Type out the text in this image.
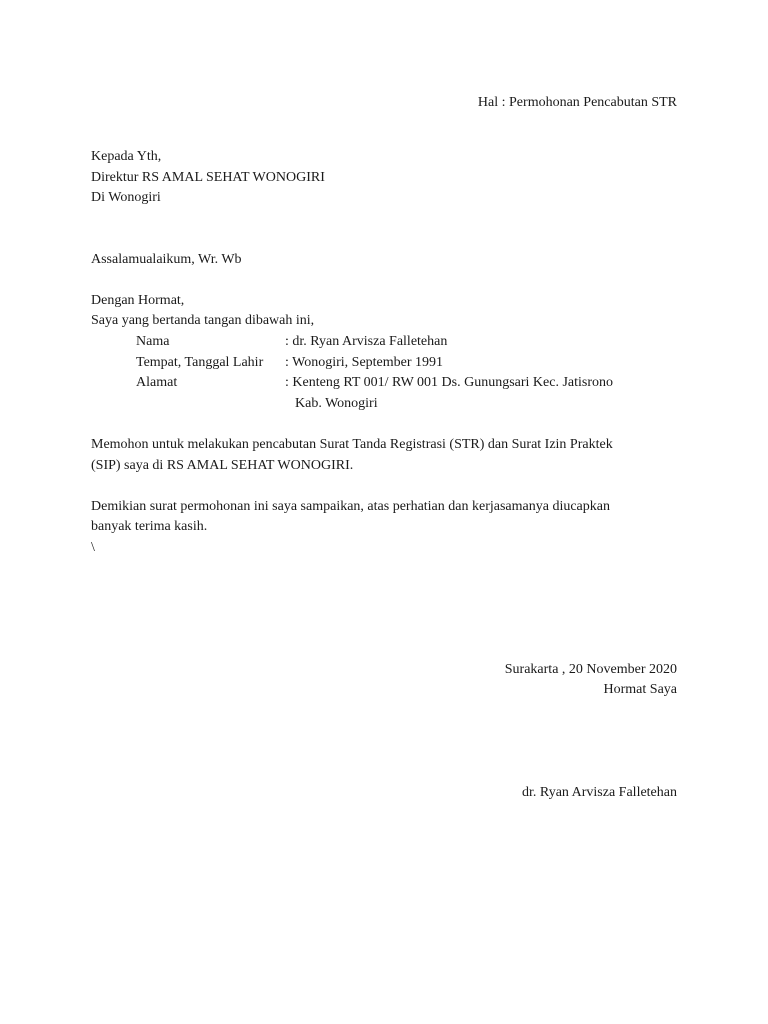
Hal : Permohonan Pencabutan STR
Kepada Yth,
Direktur RS AMAL SEHAT WONOGIRI
Di Wonogiri
Assalamualaikum, Wr. Wb
Dengan Hormat,
Saya yang bertanda tangan dibawah ini,
Nama	: dr. Ryan Arvisza Falletehan
Tempat, Tanggal Lahir : Wonogiri, September 1991
Alamat	: Kenteng RT 001/ RW 001 Ds. Gunungsari Kec. Jatisrono
Kab. Wonogiri
Memohon untuk melakukan pencabutan Surat Tanda Registrasi (STR) dan Surat Izin Praktek
(SIP) saya di RS AMAL SEHAT WONOGIRI.
Demikian surat permohonan ini saya sampaikan, atas perhatian dan kerjasamanya diucapkan
banyak terima kasih.
\
Surakarta , 20 November 2020
Hormat Saya
dr. Ryan Arvisza Falletehan
